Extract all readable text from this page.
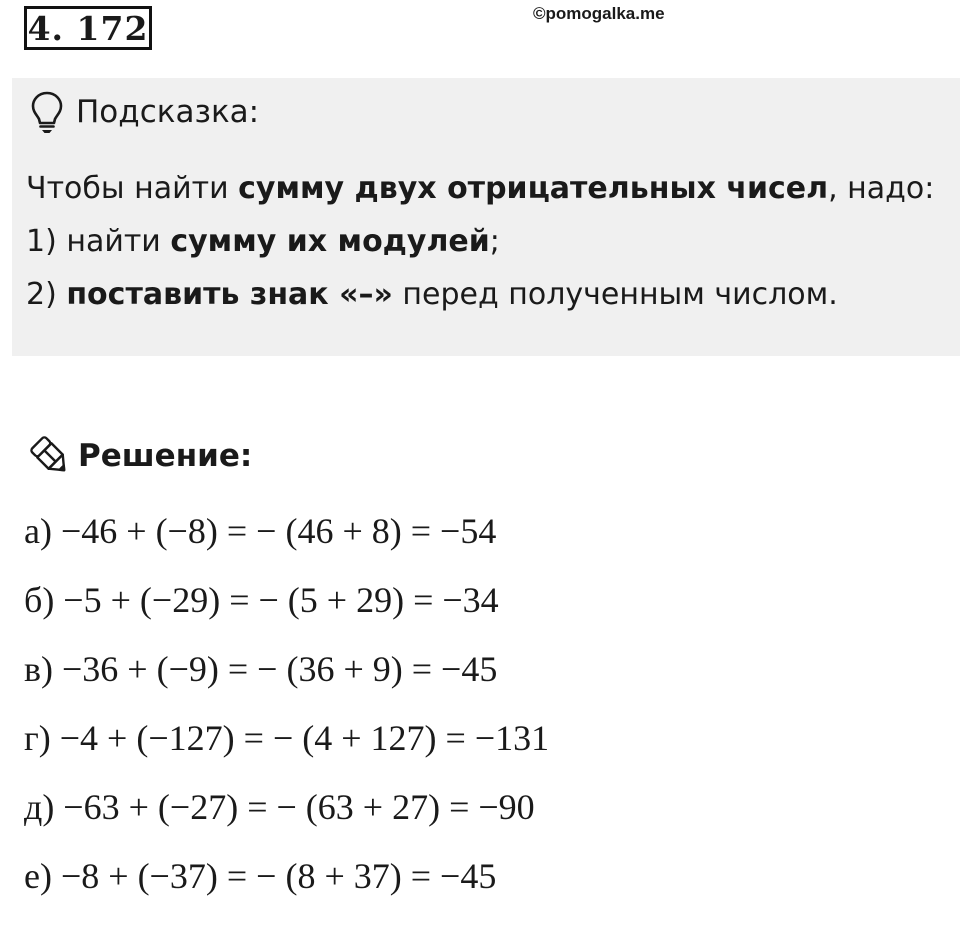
4. 172	©pomogalka.me
Подсказка:
Чтобы найти сумму двух отрицательных чисел, надо:
1) найти сумму их модулей;
2) поставить знак «–» перед полученным числом.
Решение:
а) −46 + (−8) = − (46 + 8) = −54
б) −5 + (−29) = − (5 + 29) = −34
в) −36 + (−9) = − (36 + 9) = −45
г) −4 + (−127) = − (4 + 127) = −131
д) −63 + (−27) = − (63 + 27) = −90
е) −8 + (−37) = − (8 + 37) = −45
